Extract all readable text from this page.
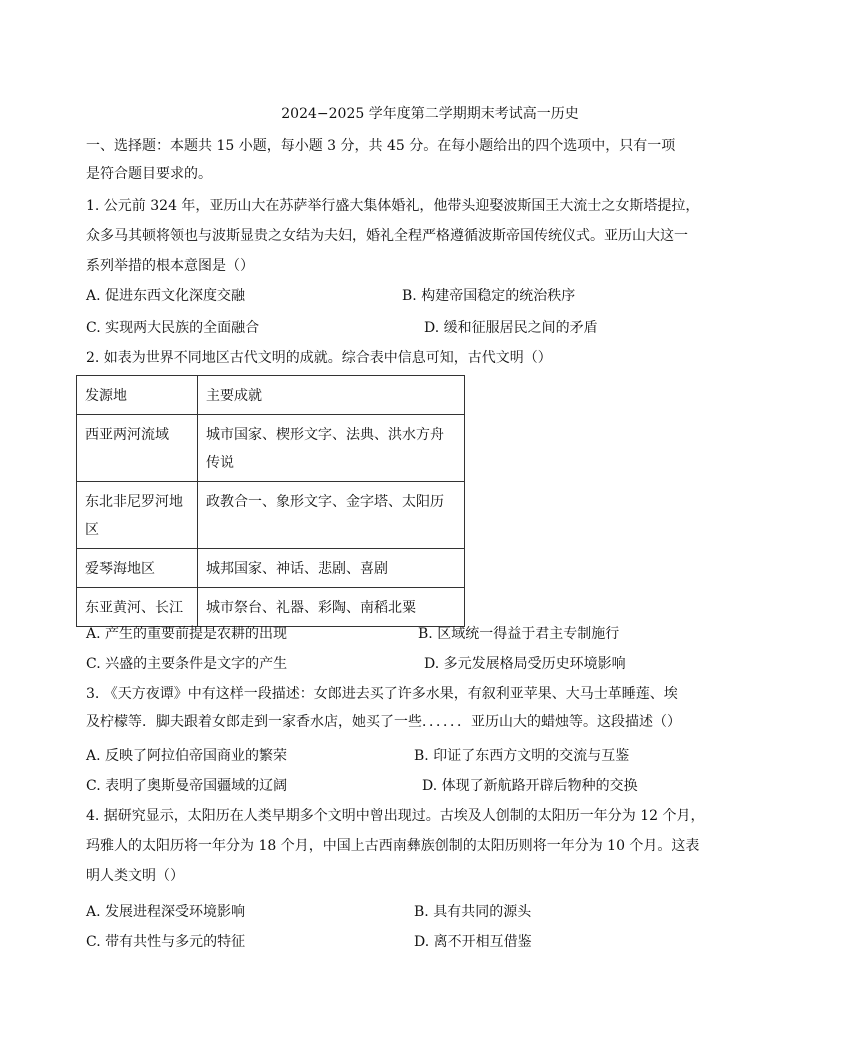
2024−2025 学年度第二学期期末考试高一历史
一、选择题：本题共 15 小题，每小题 3 分，共 45 分。在每小题给出的四个选项中，只有一项
是符合题目要求的。
1. 公元前 324 年，亚历山大在苏萨举行盛大集体婚礼，他带头迎娶波斯国王大流士之女斯塔提拉，
众多马其顿将领也与波斯显贵之女结为夫妇，婚礼全程严格遵循波斯帝国传统仪式。亚历山大这一
系列举措的根本意图是（）
A. 促进东西文化深度交融	B. 构建帝国稳定的统治秩序
C. 实现两大民族的全面融合	D. 缓和征服居民之间的矛盾
2. 如表为世界不同地区古代文明的成就。综合表中信息可知，古代文明（）
发源地	主要成就
西亚两河流域	城市国家、楔形文字、法典、洪水方舟传说
东北非尼罗河地区	政教合一、象形文字、金字塔、太阳历
爱琴海地区	城邦国家、神话、悲剧、喜剧
东亚黄河、长江	城市祭台、礼器、彩陶、南稻北粟
A. 产生的重要前提是农耕的出现	B. 区域统一得益于君主专制施行
C. 兴盛的主要条件是文字的产生	D. 多元发展格局受历史环境影响
3. 《天方夜谭》中有这样一段描述：女郎进去买了许多水果，有叙利亚苹果、大马士革睡莲、埃
及柠檬等．脚夫跟着女郎走到一家香水店，她买了一些．．．．．．亚历山大的蜡烛等。这段描述（）
A. 反映了阿拉伯帝国商业的繁荣	B. 印证了东西方文明的交流与互鉴
C. 表明了奥斯曼帝国疆域的辽阔	D. 体现了新航路开辟后物种的交换
4. 据研究显示，太阳历在人类早期多个文明中曾出现过。古埃及人创制的太阳历一年分为 12 个月，
玛雅人的太阳历将一年分为 18 个月，中国上古西南彝族创制的太阳历则将一年分为 10 个月。这表
明人类文明（）
A. 发展进程深受环境影响	B. 具有共同的源头
C. 带有共性与多元的特征	D. 离不开相互借鉴
